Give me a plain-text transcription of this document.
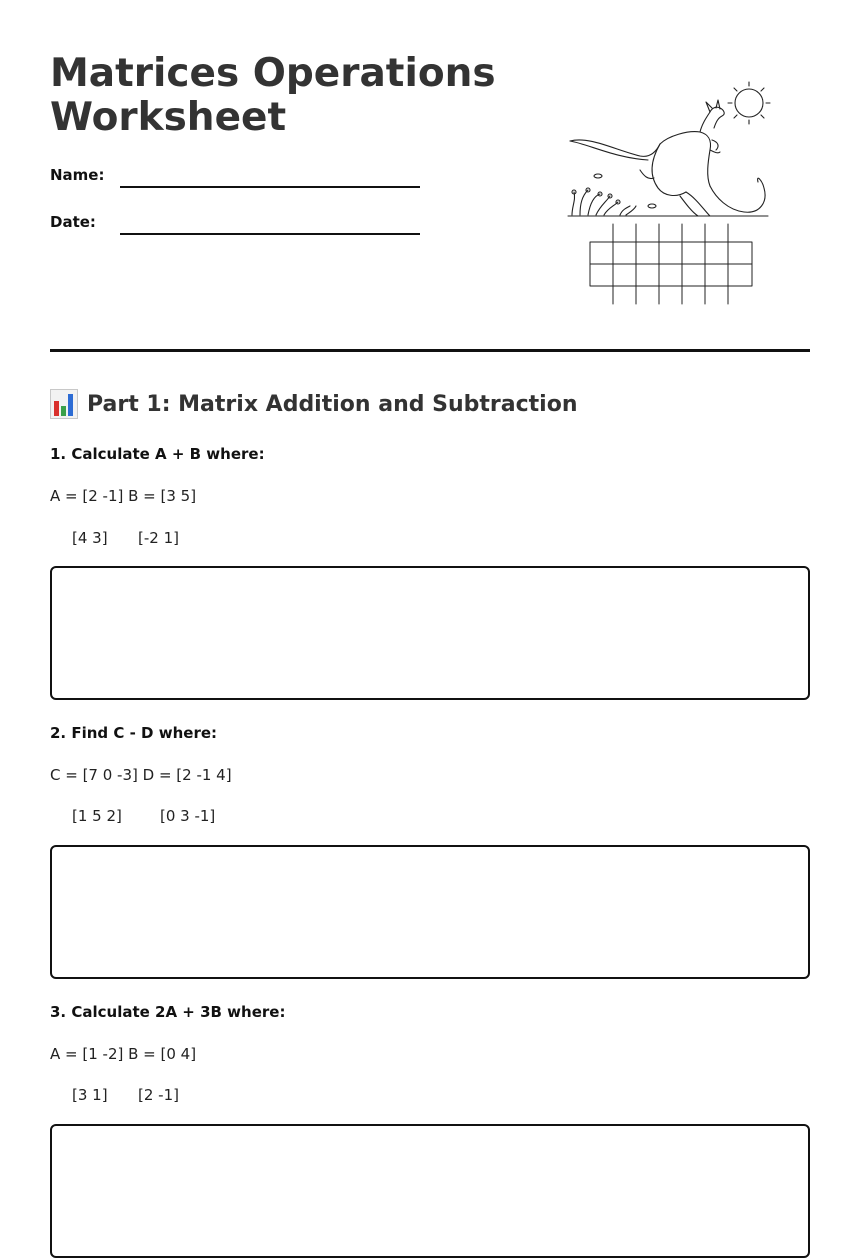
Matrices Operations
Worksheet
Name:
Date:
Part 1: Matrix Addition and Subtraction
1. Calculate A + B where:
A = [2 -1] B = [3 5]
[4 3] [-2 1]
2. Find C - D where:
C = [7 0 -3] D = [2 -1 4]
[1 5 2]	[0 3 -1]
3. Calculate 2A + 3B where:
A = [1 -2] B = [0 4]
[3 1] [2 -1]
